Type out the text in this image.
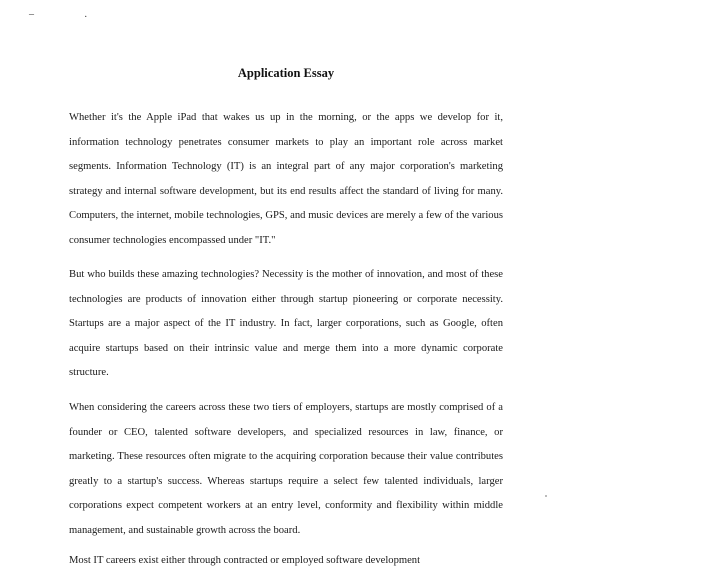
– .
Application Essay

Whether it's the Apple iPad that wakes us up in the morning, or the apps we develop for it, information technology penetrates consumer markets to play an important role across market segments. Information Technology (IT) is an integral part of any major corporation's marketing strategy and internal software development, but its end results affect the standard of living for many. Computers, the internet, mobile technologies, GPS, and music devices are merely a few of the various consumer technologies encompassed under "IT."

But who builds these amazing technologies? Necessity is the mother of innovation, and most of these technologies are products of innovation either through startup pioneering or corporate necessity. Startups are a major aspect of the IT industry. In fact, larger corporations, such as Google, often acquire startups based on their intrinsic value and merge them into a more dynamic corporate structure.

When considering the careers across these two tiers of employers, startups are mostly comprised of a founder or CEO, talented software developers, and specialized resources in law, finance, or marketing. These resources often migrate to the acquiring corporation because their value contributes greatly to a startup's success. Whereas startups require a select few talented individuals, larger corporations expect competent workers at an entry level, conformity and flexibility within middle management, and sustainable growth across the board.

Most IT careers exist either through contracted or employed software development
